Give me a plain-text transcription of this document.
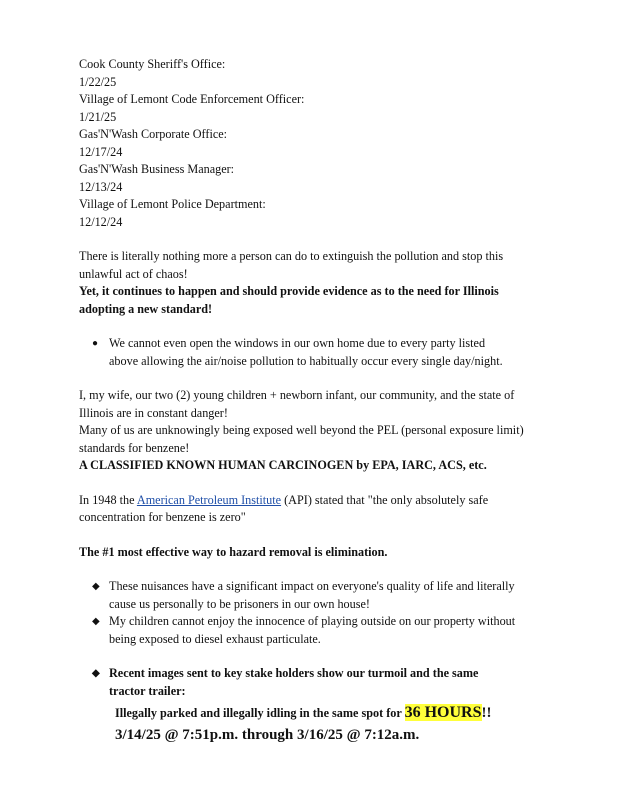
Cook County Sheriff's Office:
1/22/25
Village of Lemont Code Enforcement Officer:
1/21/25
Gas'N'Wash Corporate Office:
12/17/24
Gas'N'Wash Business Manager:
12/13/24
Village of Lemont Police Department:
12/12/24
There is literally nothing more a person can do to extinguish the pollution and stop this
unlawful act of chaos!
Yet, it continues to happen and should provide evidence as to the need for Illinois
adopting a new standard!
● We cannot even open the windows in our own home due to every party listed
above allowing the air/noise pollution to habitually occur every single day/night.
I, my wife, our two (2) young children + newborn infant, our community, and the state of
Illinois are in constant danger!
Many of us are unknowingly being exposed well beyond the PEL (personal exposure limit)
standards for benzene!
A CLASSIFIED KNOWN HUMAN CARCINOGEN by EPA, IARC, ACS, etc.
In 1948 the American Petroleum Institute (API) stated that "the only absolutely safe
concentration for benzene is zero"
The #1 most effective way to hazard removal is elimination.
◆ These nuisances have a significant impact on everyone's quality of life and literally
cause us personally to be prisoners in our own house!
◆ My children cannot enjoy the innocence of playing outside on our property without
being exposed to diesel exhaust particulate.
◆ Recent images sent to key stake holders show our turmoil and the same
tractor trailer:
Illegally parked and illegally idling in the same spot for 36 HOURS!!
3/14/25 @ 7:51p.m. through 3/16/25 @ 7:12a.m.
